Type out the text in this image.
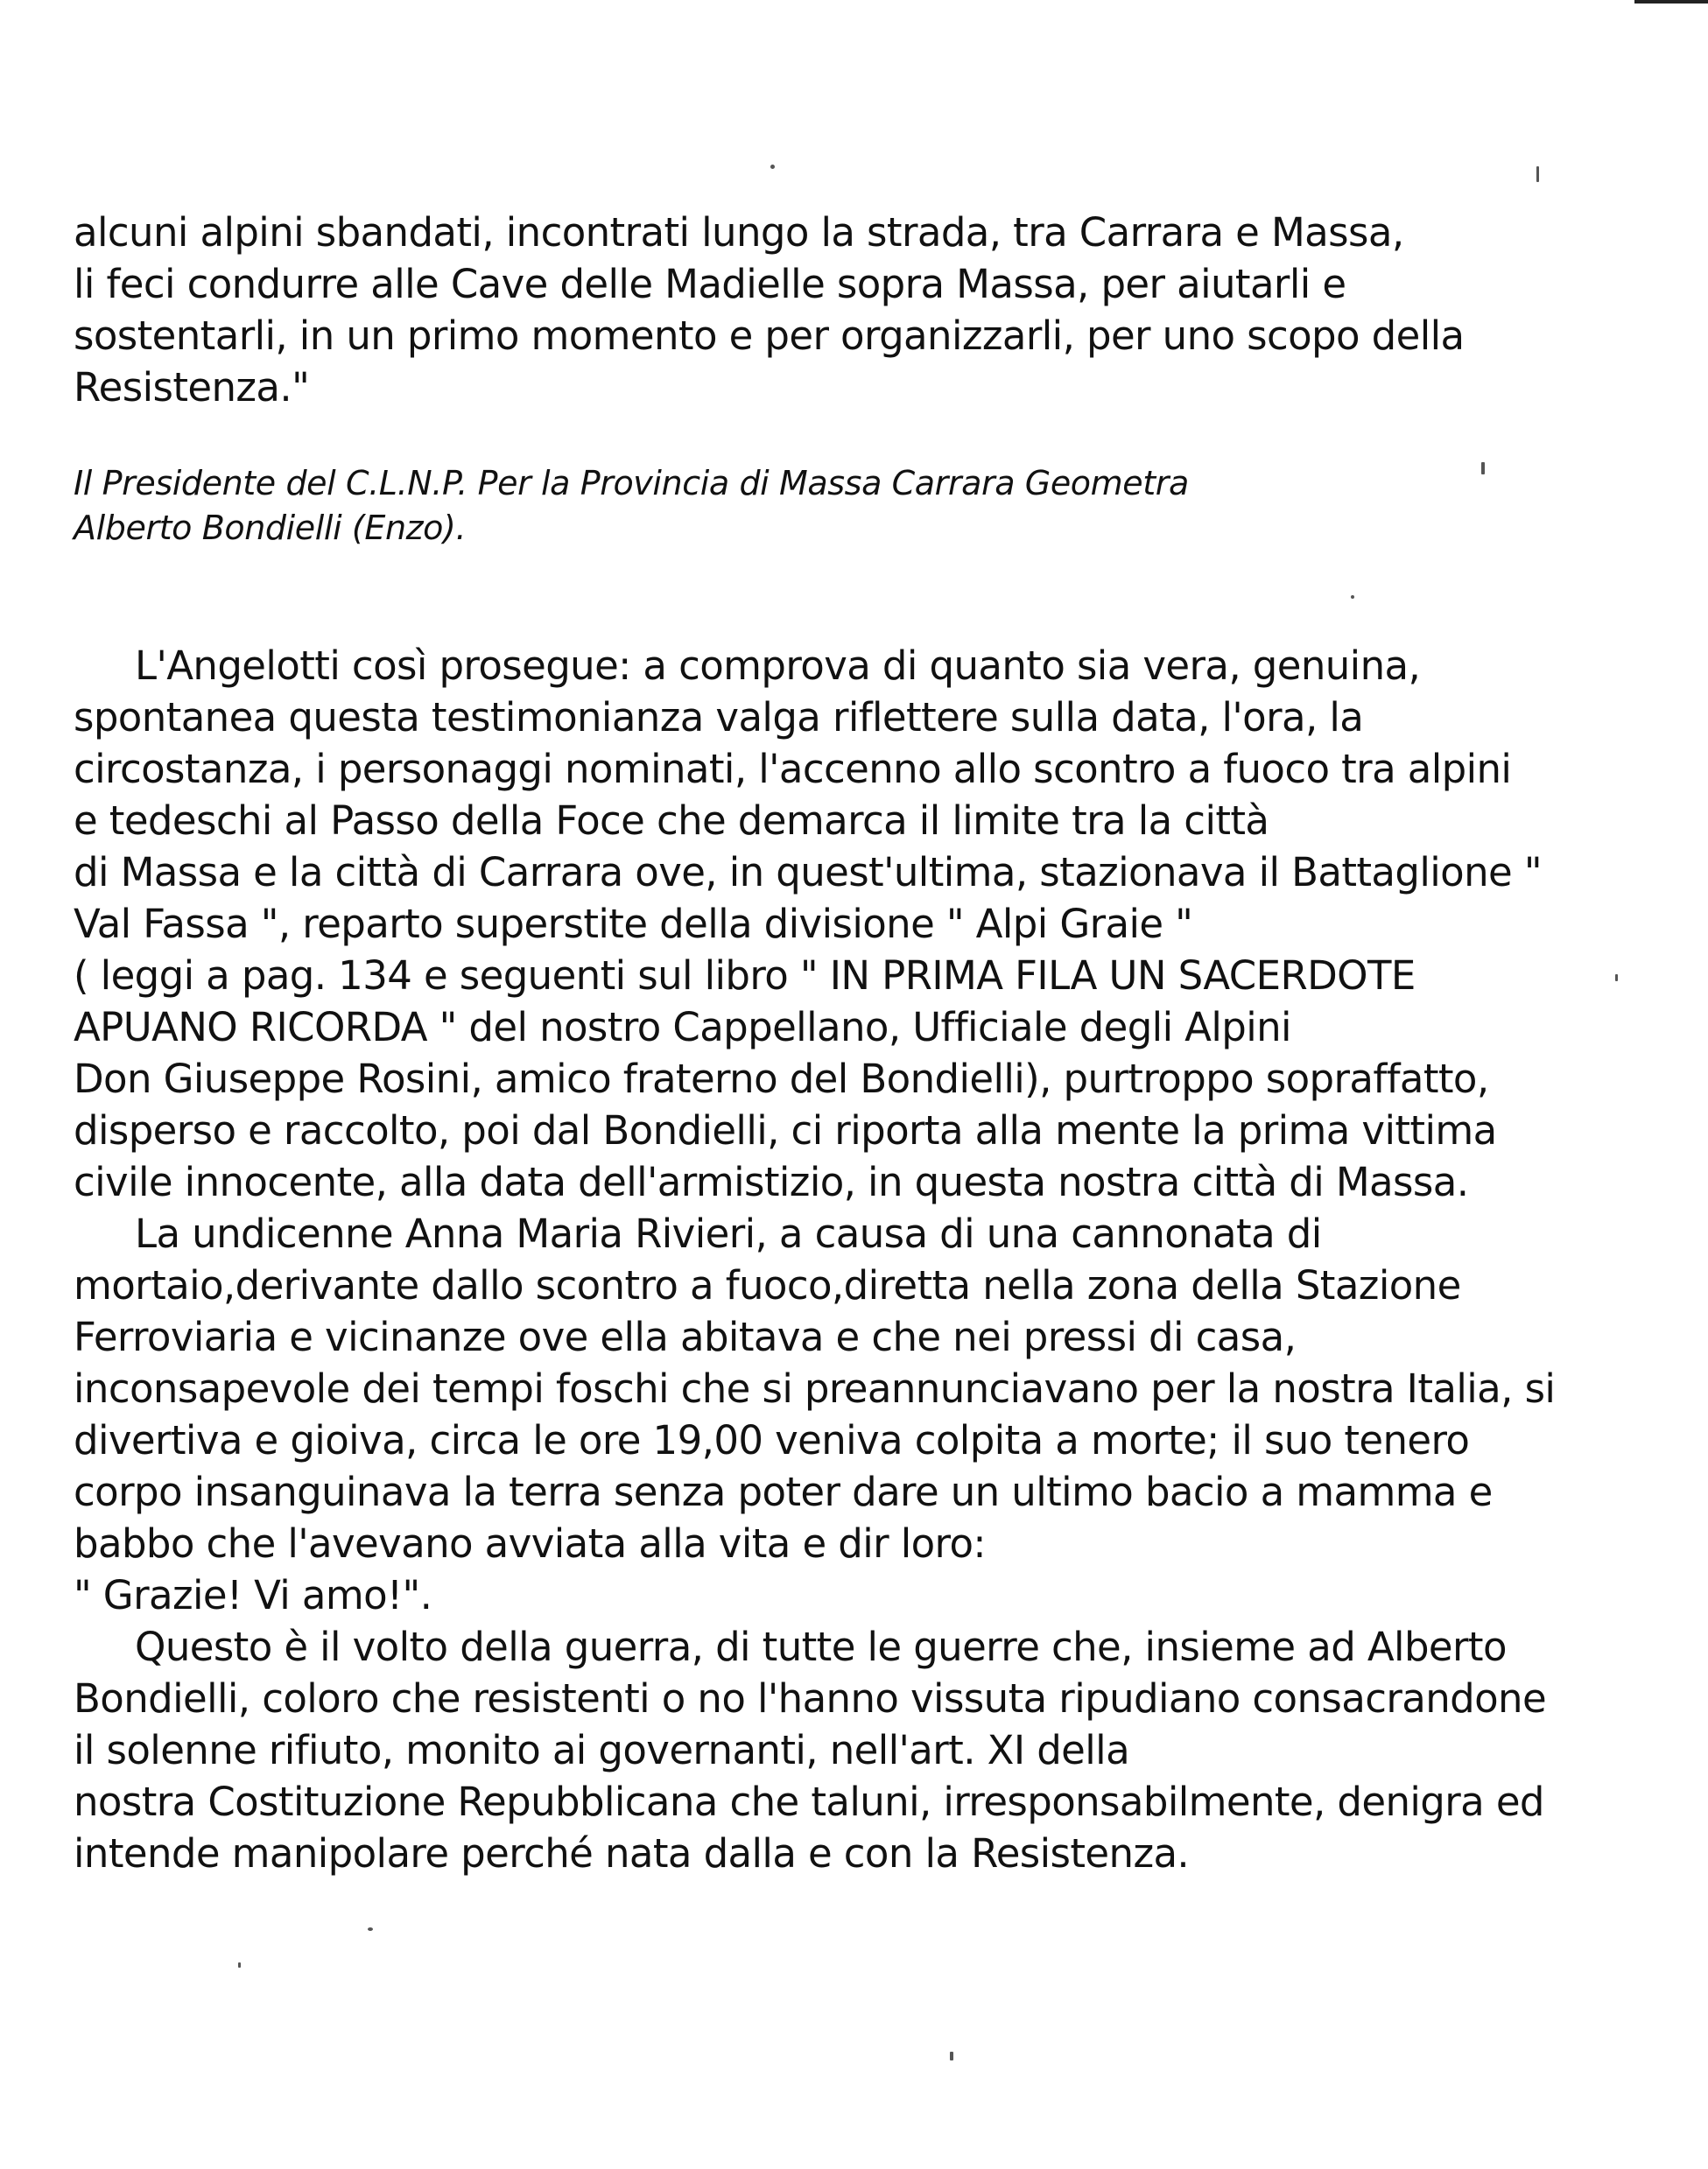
alcuni alpini sbandati, incontrati lungo la strada, tra Carrara e Massa,
li feci condurre alle Cave delle Madielle sopra Massa, per aiutarli e
sostentarli, in un primo momento e per organizzarli, per uno scopo della
Resistenza."
Il Presidente del C.L.N.P. Per la Provincia di Massa Carrara Geometra
Alberto Bondielli (Enzo).
L'Angelotti così prosegue: a comprova di quanto sia vera, genuina,
spontanea questa testimonianza valga riflettere sulla data, l'ora, la
circostanza, i personaggi nominati, l'accenno allo scontro a fuoco tra alpini
e tedeschi al Passo della Foce che demarca il limite tra la città
di Massa e la città di Carrara ove, in quest'ultima, stazionava il Battaglione "
Val Fassa ", reparto superstite della divisione " Alpi Graie "
( leggi a pag. 134 e seguenti sul libro " IN PRIMA FILA UN SACERDOTE
APUANO RICORDA " del nostro Cappellano, Ufficiale degli Alpini
Don Giuseppe Rosini, amico fraterno del Bondielli), purtroppo sopraffatto,
disperso e raccolto, poi dal Bondielli, ci riporta alla mente la prima vittima
civile innocente, alla data dell'armistizio, in questa nostra città di Massa.
La undicenne Anna Maria Rivieri, a causa di una cannonata di
mortaio,derivante dallo scontro a fuoco,diretta nella zona della Stazione
Ferroviaria e vicinanze ove ella abitava e che nei pressi di casa,
inconsapevole dei tempi foschi che si preannunciavano per la nostra Italia, si
divertiva e gioiva, circa le ore 19,00 veniva colpita a morte; il suo tenero
corpo insanguinava la terra senza poter dare un ultimo bacio a mamma e
babbo che l'avevano avviata alla vita e dir loro:
" Grazie! Vi amo!".
Questo è il volto della guerra, di tutte le guerre che, insieme ad Alberto
Bondielli, coloro che resistenti o no l'hanno vissuta ripudiano consacrandone
il solenne rifiuto, monito ai governanti, nell'art. XI della
nostra Costituzione Repubblicana che taluni, irresponsabilmente, denigra ed
intende manipolare perché nata dalla e con la Resistenza.
